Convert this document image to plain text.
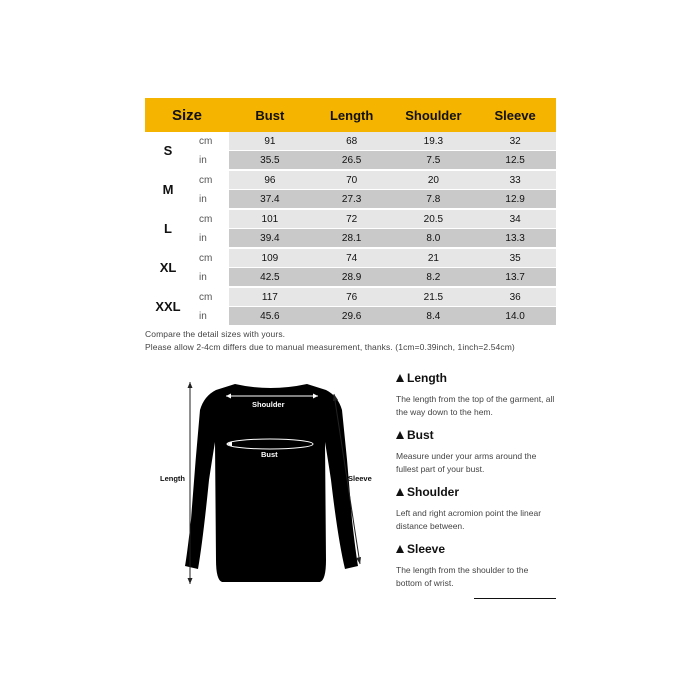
Size	Bust	Length	Shoulder	Sleeve
S
cm	91	68	19.3	32
in	35.5	26.5	7.5	12.5
M
cm	96	70	20	33
in	37.4	27.3	7.8	12.9
L
cm	101	72	20.5	34
in	39.4	28.1	8.0	13.3
XL
cm	109	74	21	35
in	42.5	28.9	8.2	13.7
XXL
cm	117	76	21.5	36
in	45.6	29.6	8.4	14.0
Compare the detail sizes with yours.
Please allow 2-4cm differs due to manual measurement, thanks. (1cm=0.39inch, 1inch=2.54cm)
Shoulder
Bust
Length	Sleeve
Length
The length from the top of the garment, all the way down to the hem.
Bust
Measure under your arms around the fullest part of your bust.
Shoulder
Left and right acromion point the linear distance between.
Sleeve
The length from the shoulder to the bottom of wrist.
